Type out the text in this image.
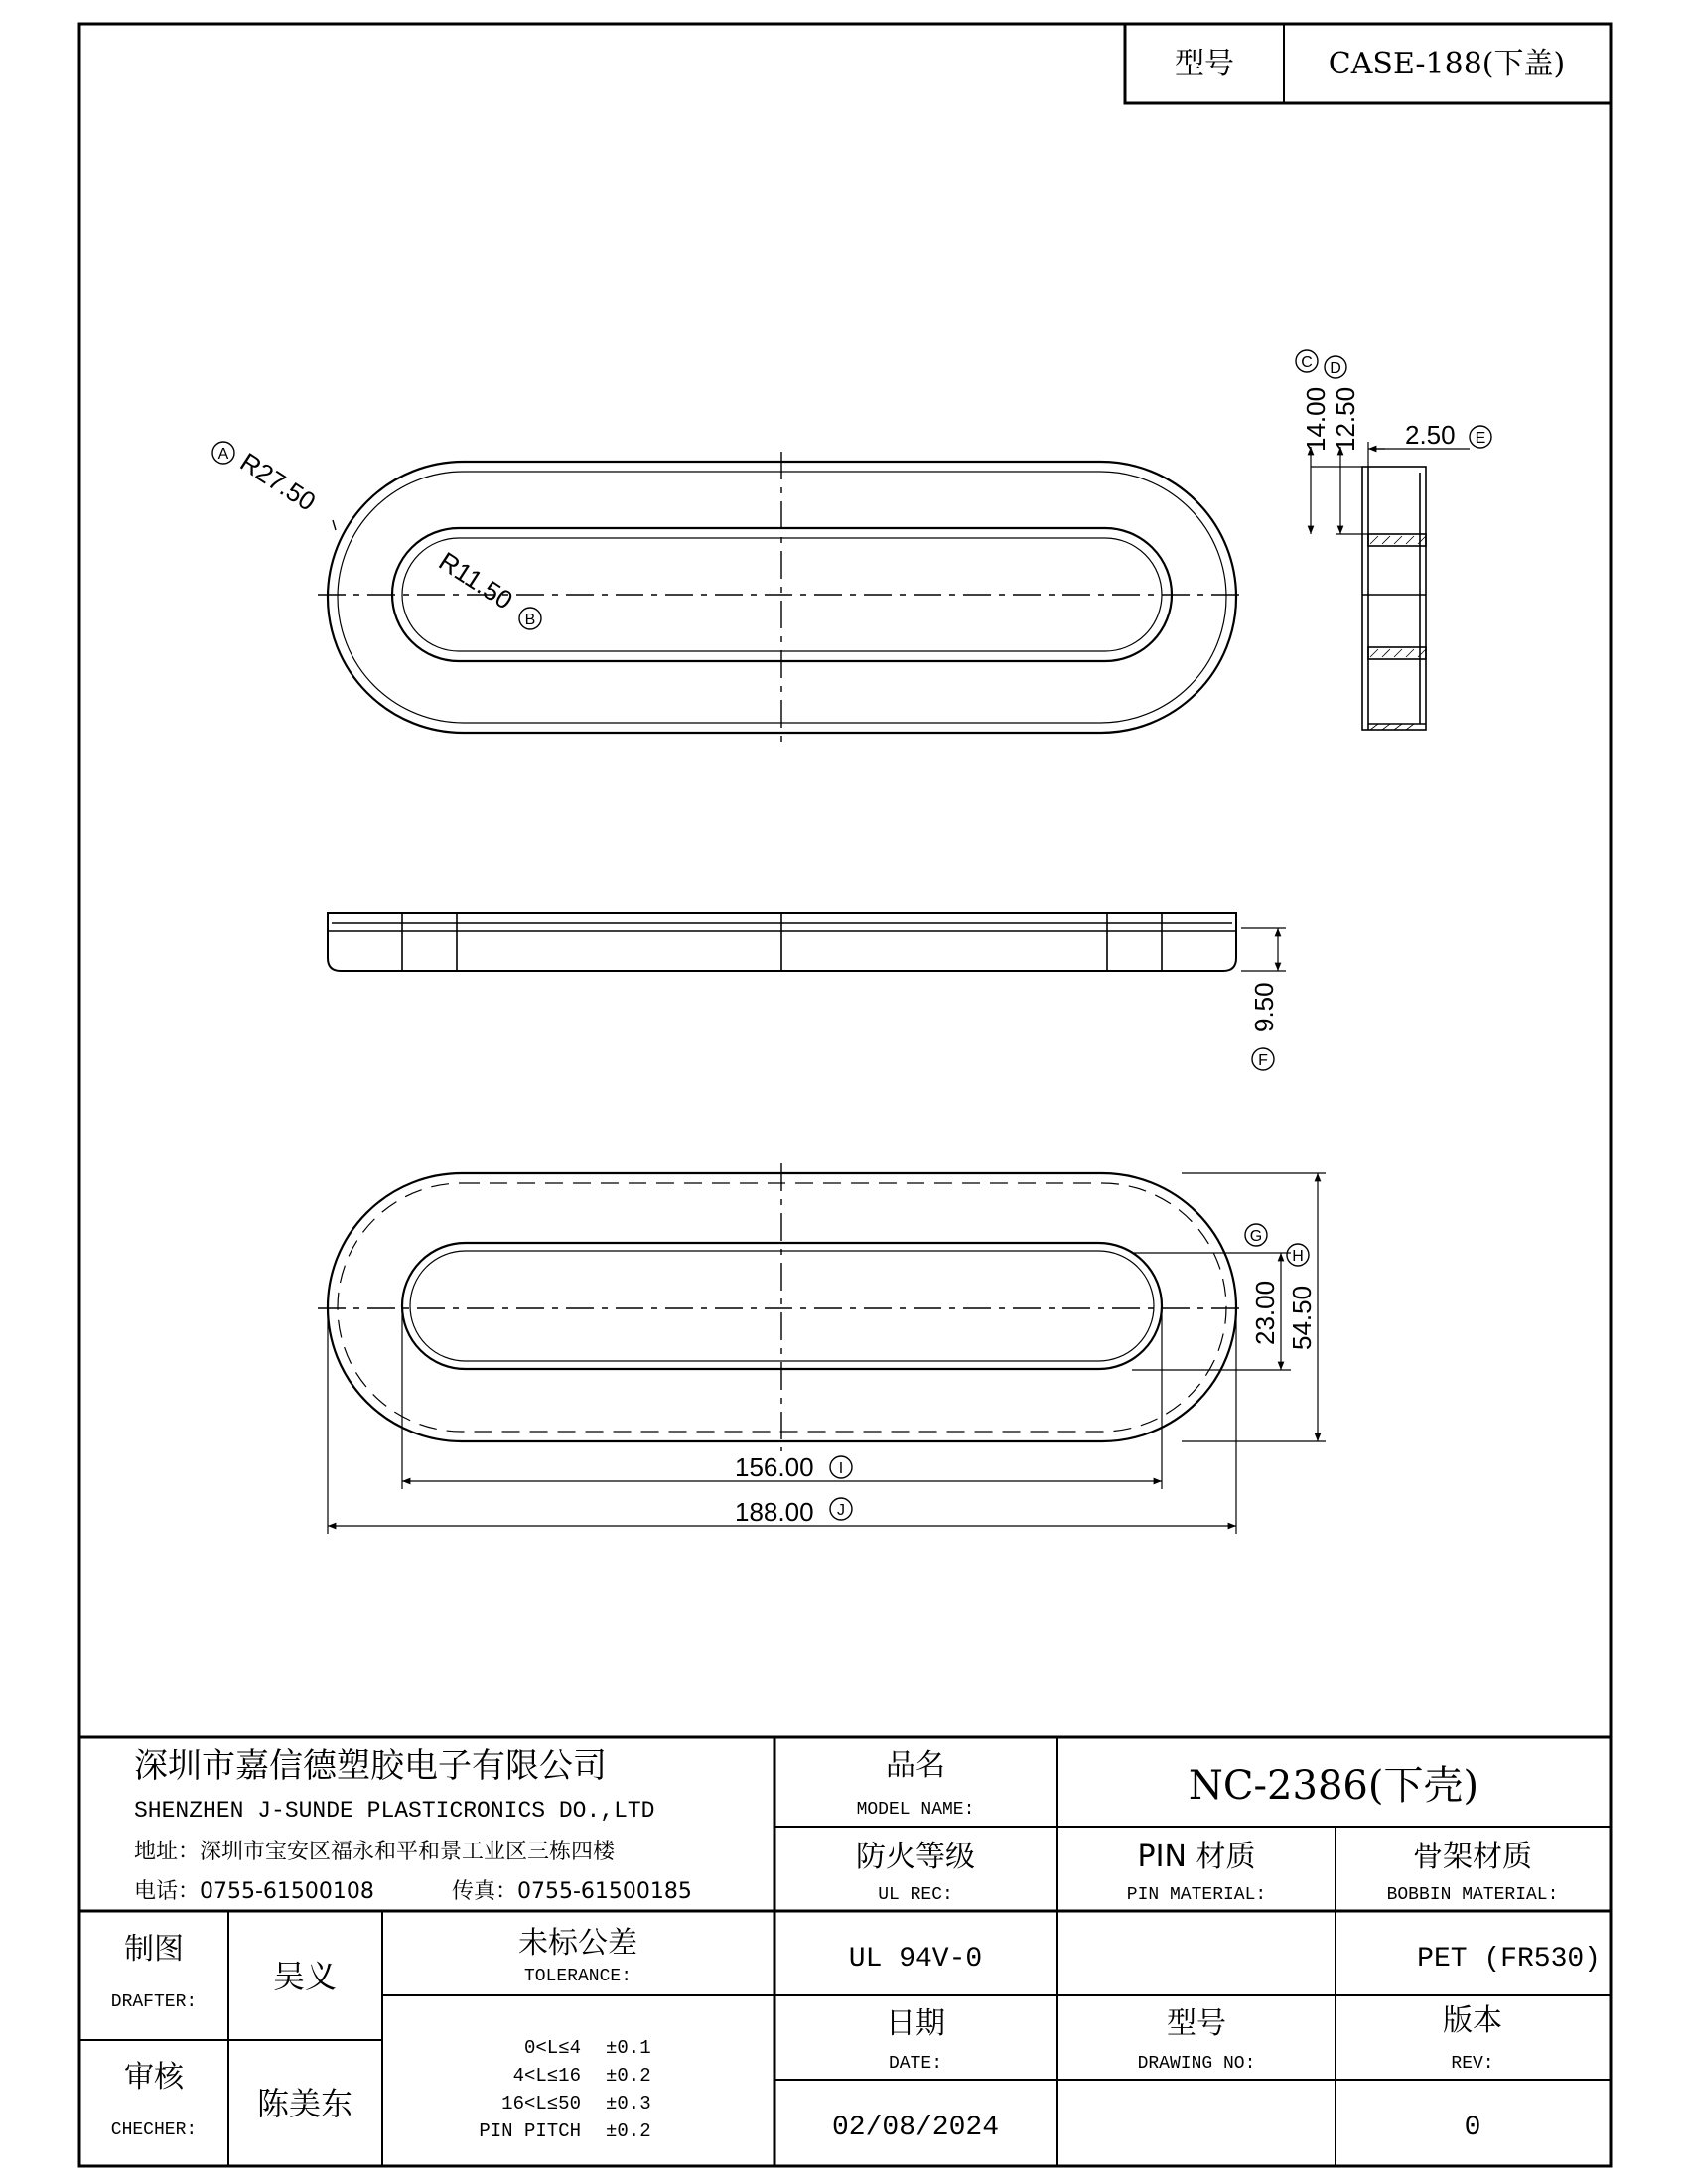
型号	CASE-188(下盖)
A R27.50
R11.50
B
14.00 12.50
C D
2.50 E
9.50
F
23.00 54.50
G
H
156.00 I
188.00 J
深圳市嘉信德塑胶电子有限公司
SHENZHEN J-SUNDE PLASTICRONICS DO.,LTD
地址：深圳市宝安区福永和平和景工业区三栋四楼
电话：0755-61500108	传真：0755-61500185
品名
MODEL NAME:
NC-2386(下壳)
防火等级
UL REC:
UL 94V-0
PIN 材质
PIN MATERIAL:
骨架材质
BOBBIN MATERIAL:
PET (FR530)
制图
DRAFTER:
吴义
审核
CHECHER:
陈美东
未标公差
TOLERANCE:
0<L≤4 ±0.1
4<L≤16 ±0.2
16<L≤50 ±0.3
PIN PITCH ±0.2
日期
DATE:
02/08/2024
型号
DRAWING NO:
版本
REV:
0
